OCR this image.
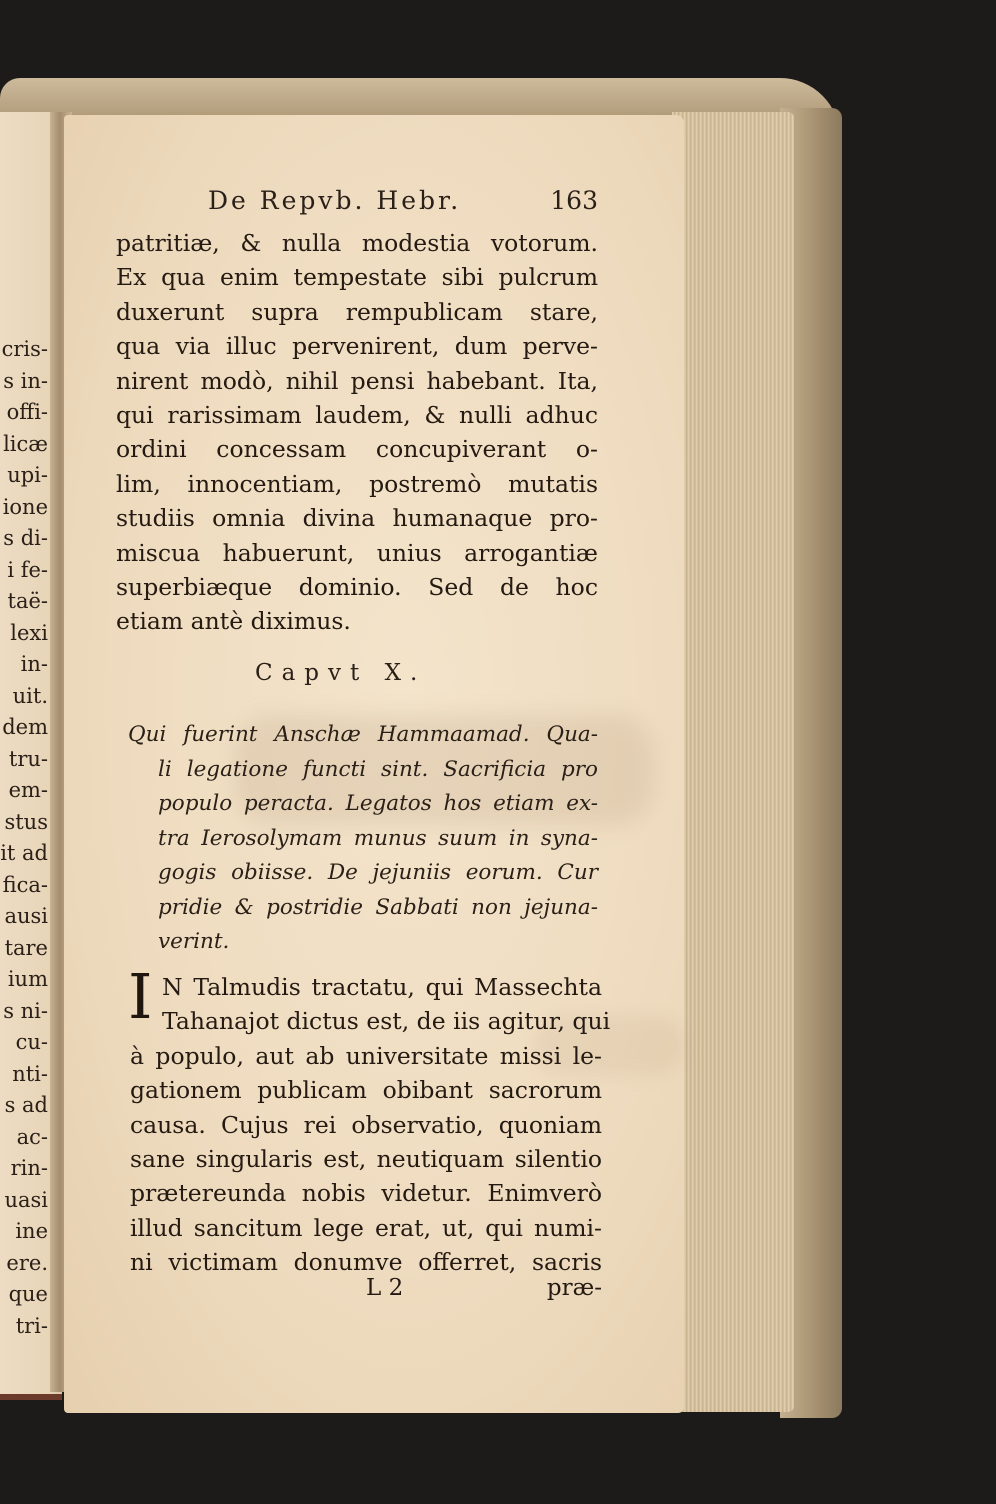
cris-
s in-
offi-
licæ
upi-
ione
s di-
i fe-
taë-
lexi
in-
uit.
dem
tru-
em-
stus
it ad
fica-
ausi
tare
ium
s ni-
cu-
nti-
s ad
ac-
rin-
uasi
ine
ere.
que
tri-
De Repvb. Hebr.	163
patritiæ, & nulla modestia votorum.
Ex qua enim tempestate sibi pulcrum
duxerunt supra rempublicam stare,
qua via illuc pervenirent, dum perve-
nirent modò, nihil pensi habebant. Ita,
qui rarissimam laudem, & nulli adhuc
ordini concessam concupiverant o-
lim, innocentiam, postremò mutatis
studiis omnia divina humanaque pro-
miscua habuerunt, unius arrogantiæ
superbiæque dominio. Sed de hoc
etiam antè diximus.
Capvt X.
Qui fuerint Anschæ Hammaamad. Qua-
li legatione functi sint. Sacrificia pro
populo peracta. Legatos hos etiam ex-
tra Ierosolymam munus suum in syna-
gogis obiisse. De jejuniis eorum. Cur
pridie & postridie Sabbati non jejuna-
verint.
I N Talmudis tractatu, qui Massechta
Tahanajot dictus est, de iis agitur, qui
à populo, aut ab universitate missi le-
gationem publicam obibant sacrorum
causa. Cujus rei observatio, quoniam
sane singularis est, neutiquam silentio
prætereunda nobis videtur. Enimverò
illud sancitum lege erat, ut, qui numi-
ni victimam donumve offerret, sacris
L 2	præ-
